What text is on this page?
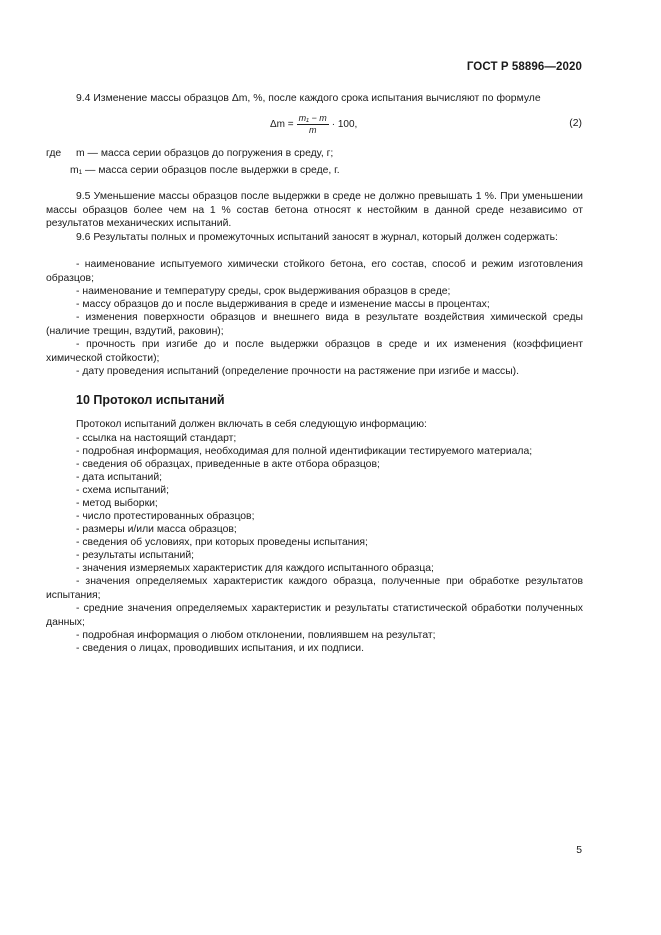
ГОСТ Р 58896—2020
9.4 Изменение массы образцов Δm, %, после каждого срока испытания вычисляют по формуле
$\Delta m = \frac{\text{m₁ − m}}{m} \cdot 100$,	(2)
где m — масса серии образцов до погружения в среду, г;
m₁ — масса серии образцов после выдержки в среде, г.
9.5 Уменьшение массы образцов после выдержки в среде не должно превышать 1 %. При уменьшении массы образцов более чем на 1 % состав бетона относят к нестойким в данной среде независимо от результатов механических испытаний.
9.6 Результаты полных и промежуточных испытаний заносят в журнал, который должен содержать:
- наименование испытуемого химически стойкого бетона, его состав, способ и режим изготовления образцов;
- наименование и температуру среды, срок выдерживания образцов в среде;
- массу образцов до и после выдерживания в среде и изменение массы в процентах;
- изменения поверхности образцов и внешнего вида в результате воздействия химической среды (наличие трещин, вздутий, раковин);
- прочность при изгибе до и после выдержки образцов в среде и их изменения (коэффициент химической стойкости);
- дату проведения испытаний (определение прочности на растяжение при изгибе и массы).
10 Протокол испытаний
Протокол испытаний должен включать в себя следующую информацию:
- ссылка на настоящий стандарт;
- подробная информация, необходимая для полной идентификации тестируемого материала;
- сведения об образцах, приведенные в акте отбора образцов;
- дата испытаний;
- схема испытаний;
- метод выборки;
- число протестированных образцов;
- размеры и/или масса образцов;
- сведения об условиях, при которых проведены испытания;
- результаты испытаний;
- значения измеряемых характеристик для каждого испытанного образца;
- значения определяемых характеристик каждого образца, полученные при обработке результатов испытания;
- средние значения определяемых характеристик и результаты статистической обработки полученных данных;
- подробная информация о любом отклонении, повлиявшем на результат;
- сведения о лицах, проводивших испытания, и их подписи.
5
